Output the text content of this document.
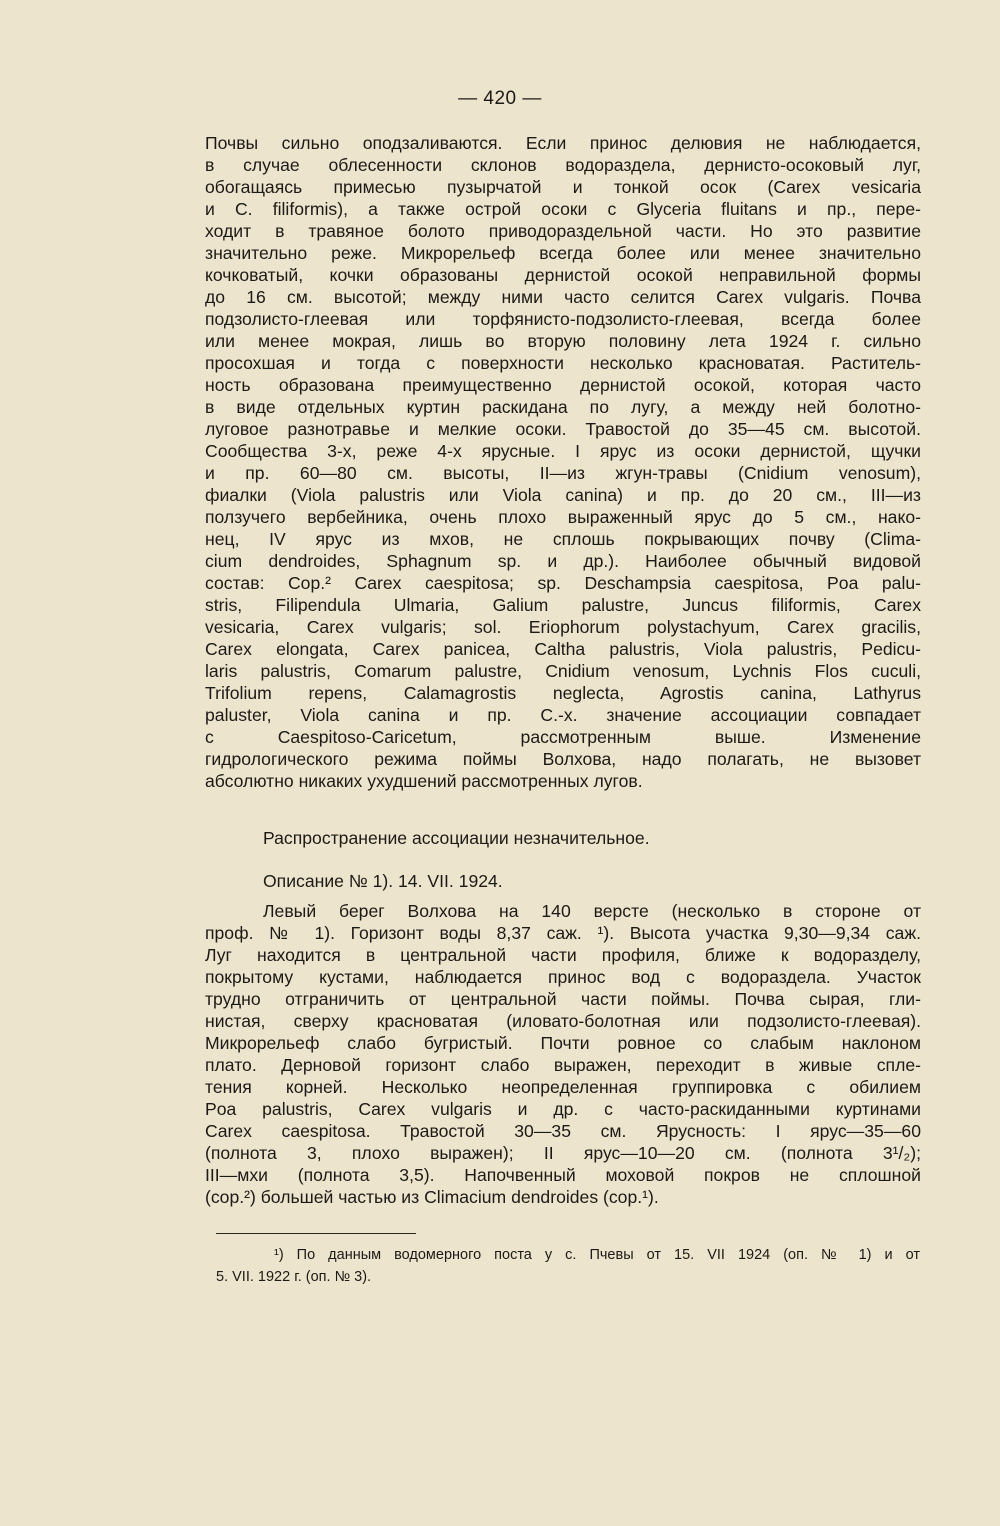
— 420 —
Почвы сильно оподзаливаются. Если принос делювия не наблюдается,
в случае облесенности склонов водораздела, дернисто-осоковый луг,
обогащаясь примесью пузырчатой и тонкой осок (Carex vesicaria
и C. filiformis), а также острой осоки с Glyceria fluitans и пр., пере-
ходит в травяное болото приводораздельной части. Но это развитие
значительно реже. Микрорельеф всегда более или менее значительно
кочковатый, кочки образованы дернистой осокой неправильной формы
до 16 см. высотой; между ними часто селится Carex vulgaris. Почва
подзолисто-глеевая или торфянисто-подзолисто-глеевая, всегда более
или менее мокрая, лишь во вторую половину лета 1924 г. сильно
просохшая и тогда с поверхности несколько красноватая. Раститель-
ность образована преимущественно дернистой осокой, которая часто
в виде отдельных куртин раскидана по лугу, а между ней болотно-
луговое разнотравье и мелкие осоки. Травостой до 35—45 см. высотой.
Сообщества 3-х, реже 4-х ярусные. I ярус из осоки дернистой, щучки
и пр. 60—80 см. высоты, II—из жгун-травы (Cnidium venosum),
фиалки (Viola palustris или Viola canina) и пр. до 20 см., III—из
ползучего вербейника, очень плохо выраженный ярус до 5 см., нако-
нец, IV ярус из мхов, не сплошь покрывающих почву (Clima-
cium dendroides, Sphagnum sp. и др.). Наиболее обычный видовой
состав: Cop.² Carex caespitosa; sp. Deschampsia caespitosa, Poa palu-
stris, Filipendula Ulmaria, Galium palustre, Juncus filiformis, Carex
vesicaria, Carex vulgaris; sol. Eriophorum polystachyum, Carex gracilis,
Carex elongata, Carex panicea, Caltha palustris, Viola palustris, Pedicu-
laris palustris, Comarum palustre, Cnidium venosum, Lychnis Flos cuculi,
Trifolium repens, Calamagrostis neglecta, Agrostis canina, Lathyrus
paluster, Viola canina и пр. С.-х. значение ассоциации совпадает
с Caespitoso-Caricetum, рассмотренным выше. Изменение
гидрологического режима поймы Волхова, надо полагать, не вызовет
абсолютно никаких ухудшений рассмотренных лугов.
Распространение ассоциации незначительное.
Описание № 1). 14. VII. 1924.
Левый берег Волхова на 140 версте (несколько в стороне от
проф. № 1). Горизонт воды 8,37 саж. ¹). Высота участка 9,30—9,34 саж.
Луг находится в центральной части профиля, ближе к водоразделу,
покрытому кустами, наблюдается принос вод с водораздела. Участок
трудно отграничить от центральной части поймы. Почва сырая, гли-
нистая, сверху красноватая (иловато-болотная или подзолисто-глеевая).
Микрорельеф слабо бугристый. Почти ровное со слабым наклоном
плато. Дерновой горизонт слабо выражен, переходит в живые спле-
тения корней. Несколько неопределенная группировка с обилием
Poa palustris, Carex vulgaris и др. с часто-раскиданными куртинами
Carex caespitosa. Травостой 30—35 см. Ярусность: I ярус—35—60
(полнота 3, плохо выражен); II ярус—10—20 см. (полнота 3¹/₂);
III—мхи (полнота 3,5). Напочвенный моховой покров не сплошной
(cop.²) большей частью из Climacium dendroides (cop.¹).
¹) По данным водомерного поста у с. Пчевы от 15. VII 1924 (оп. № 1) и от
5. VII. 1922 г. (оп. № 3).
